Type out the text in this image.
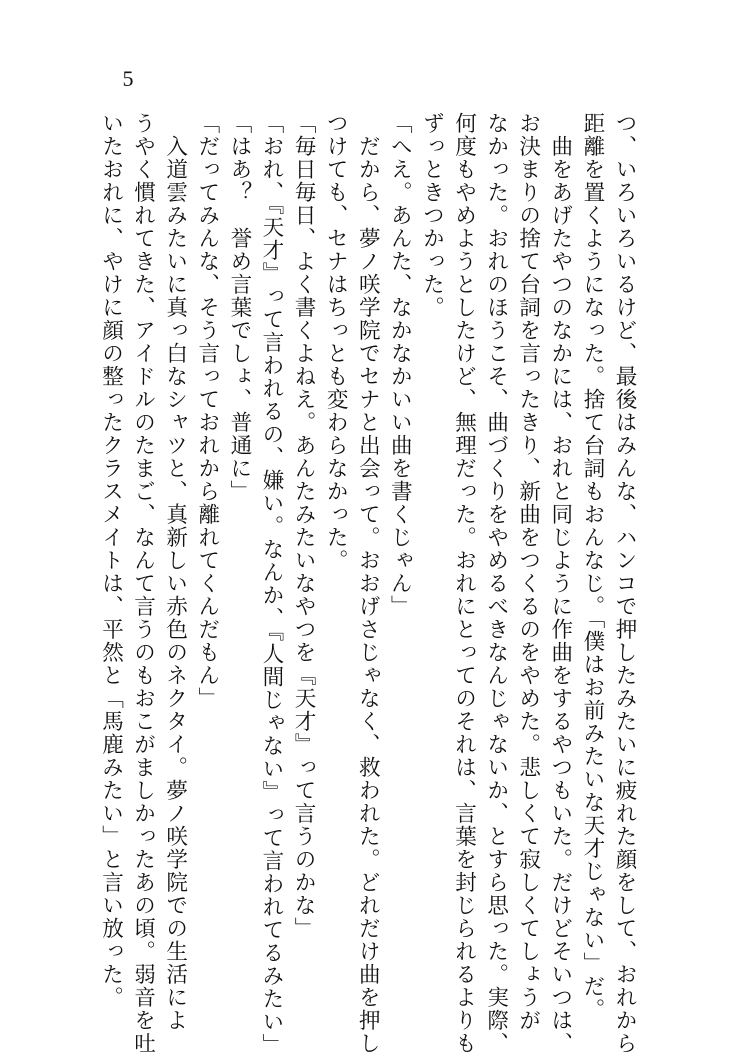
5
つ、いろいろいるけど、最後はみんな、ハンコで押したみたいに疲れた顔をして、おれから
距離を置くようになった。捨て台詞もおんなじ。「僕はお前みたいな天才じゃない」だ。
　曲をあげたやつのなかには、おれと同じように作曲をするやつもいた。だけどそいつは、
お決まりの捨て台詞を言ったきり、新曲をつくるのをやめた。悲しくて寂しくてしょうが
なかった。おれのほうこそ、曲づくりをやめるべきなんじゃないか、とすら思った。実際、
何度もやめようとしたけど、無理だった。おれにとってのそれは、言葉を封じられるよりも
ずっときつかった。
「へえ。あんた、なかなかいい曲を書くじゃん」
　だから、夢ノ咲学院でセナと出会って。おおげさじゃなく、救われた。どれだけ曲を押し
つけても、セナはちっとも変わらなかった。
「毎日毎日、よく書くよねえ。あんたみたいなやつを『天才』って言うのかな」
「おれ、『天才』って言われるの、嫌い。なんか、『人間じゃない』って言われてるみたい」
「はあ？　誉め言葉でしょ、普通に」
「だってみんな、そう言っておれから離れてくんだもん」
　入道雲みたいに真っ白なシャツと、真新しい赤色のネクタイ。夢ノ咲学院での生活によ
うやく慣れてきた、アイドルのたまご、なんて言うのもおこがましかったあの頃。弱音を吐
いたおれに、やけに顔の整ったクラスメイトは、平然と「馬鹿みたい」と言い放った。
